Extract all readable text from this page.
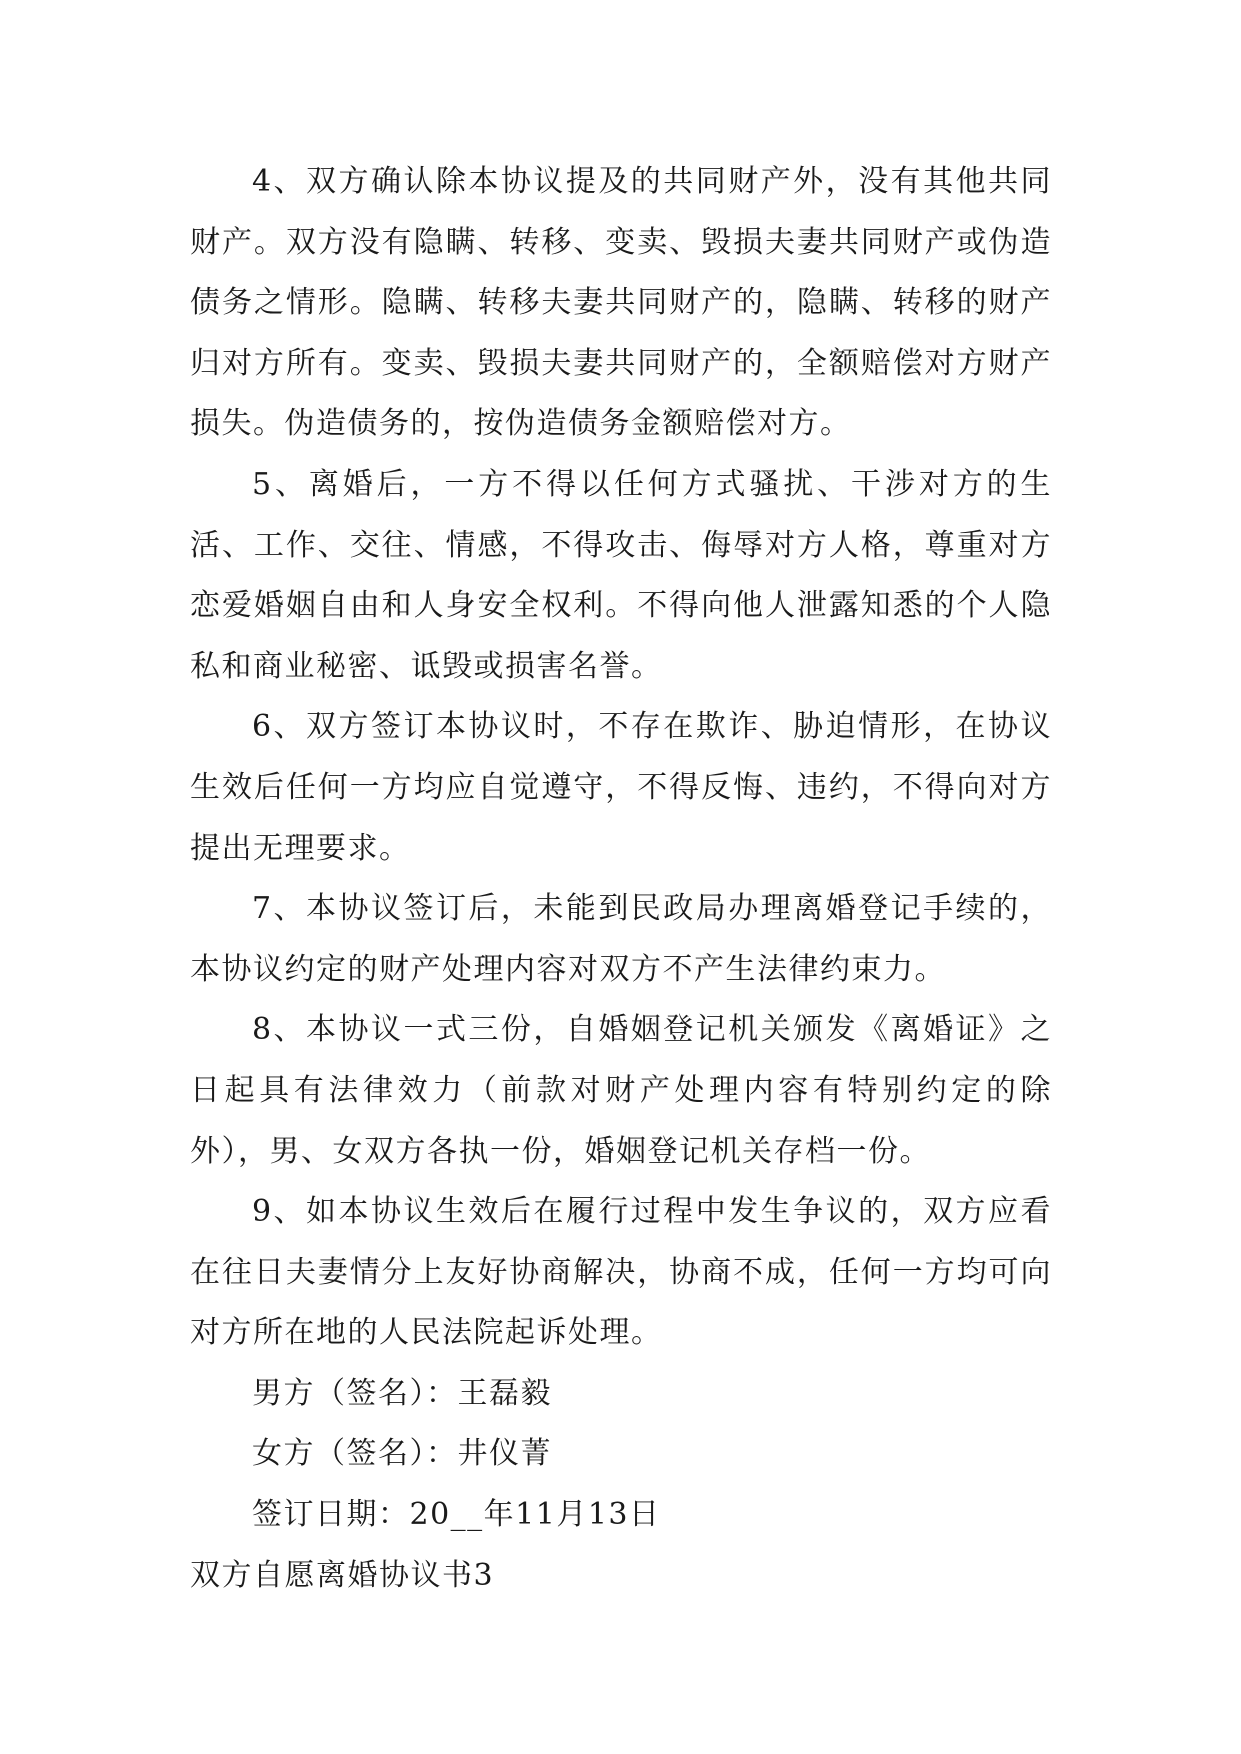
4、双方确认除本协议提及的共同财产外，没有其他共同财产。双方没有隐瞒、转移、变卖、毁损夫妻共同财产或伪造债务之情形。隐瞒、转移夫妻共同财产的，隐瞒、转移的财产归对方所有。变卖、毁损夫妻共同财产的，全额赔偿对方财产损失。伪造债务的，按伪造债务金额赔偿对方。

5、离婚后，一方不得以任何方式骚扰、干涉对方的生活、工作、交往、情感，不得攻击、侮辱对方人格，尊重对方恋爱婚姻自由和人身安全权利。不得向他人泄露知悉的个人隐私和商业秘密、诋毁或损害名誉。

6、双方签订本协议时，不存在欺诈、胁迫情形，在协议生效后任何一方均应自觉遵守，不得反悔、违约，不得向对方提出无理要求。

7、本协议签订后，未能到民政局办理离婚登记手续的，本协议约定的财产处理内容对双方不产生法律约束力。

8、本协议一式三份，自婚姻登记机关颁发《离婚证》之日起具有法律效力（前款对财产处理内容有特别约定的除外），男、女双方各执一份，婚姻登记机关存档一份。

9、如本协议生效后在履行过程中发生争议的，双方应看在往日夫妻情分上友好协商解决，协商不成，任何一方均可向对方所在地的人民法院起诉处理。

男方（签名）：王磊毅

女方（签名）：井仪菁

签订日期：20__年11月13日

双方自愿离婚协议书3
